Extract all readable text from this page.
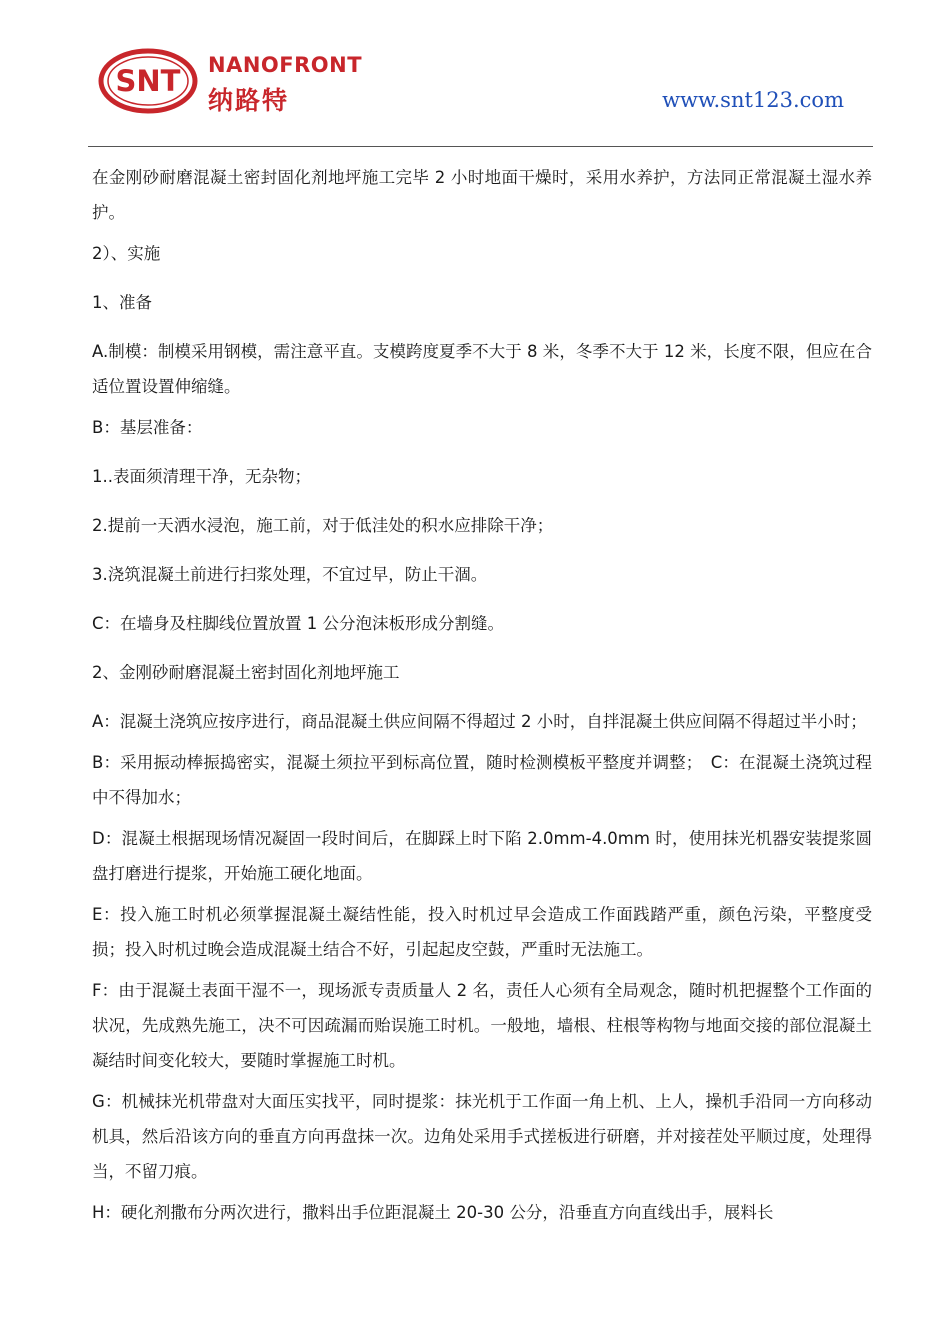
SNT NANOFRONT
纳路特	www.snt123.com

在金刚砂耐磨混凝土密封固化剂地坪施工完毕 2 小时地面干燥时，采用水养护，方法同正常混凝土湿水养护。

2）、实施

1、准备

A.制模：制模采用钢模，需注意平直。支模跨度夏季不大于 8 米，冬季不大于 12 米，长度不限，但应在合适位置设置伸缩缝。

B：基层准备：

1..表面须清理干净，无杂物；

2.提前一天洒水浸泡，施工前，对于低洼处的积水应排除干净；

3.浇筑混凝土前进行扫浆处理，不宜过早，防止干涸。

C：在墙身及柱脚线位置放置 1 公分泡沫板形成分割缝。

2、金刚砂耐磨混凝土密封固化剂地坪施工

A：混凝土浇筑应按序进行，商品混凝土供应间隔不得超过 2 小时，自拌混凝土供应间隔不得超过半小时；

B：采用振动棒振捣密实，混凝土须拉平到标高位置，随时检测模板平整度并调整；　C：在混凝土浇筑过程中不得加水；

D：混凝土根据现场情况凝固一段时间后，在脚踩上时下陷 2.0mm-4.0mm 时，使用抹光机器安装提浆圆盘打磨进行提浆，开始施工硬化地面。

E：投入施工时机必须掌握混凝土凝结性能，投入时机过早会造成工作面践踏严重，颜色污染，平整度受损；投入时机过晚会造成混凝土结合不好，引起起皮空鼓，严重时无法施工。

F：由于混凝土表面干湿不一，现场派专责质量人 2 名，责任人心须有全局观念，随时机把握整个工作面的状况，先成熟先施工，决不可因疏漏而贻误施工时机。一般地，墙根、柱根等构物与地面交接的部位混凝土凝结时间变化较大，要随时掌握施工时机。

G：机械抹光机带盘对大面压实找平，同时提浆：抹光机于工作面一角上机、上人，操机手沿同一方向移动机具，然后沿该方向的垂直方向再盘抹一次。边角处采用手式搓板进行研磨，并对接茬处平顺过度，处理得当，不留刀痕。

H：硬化剂撒布分两次进行，撒料出手位距混凝土 20-30 公分，沿垂直方向直线出手，展料长
